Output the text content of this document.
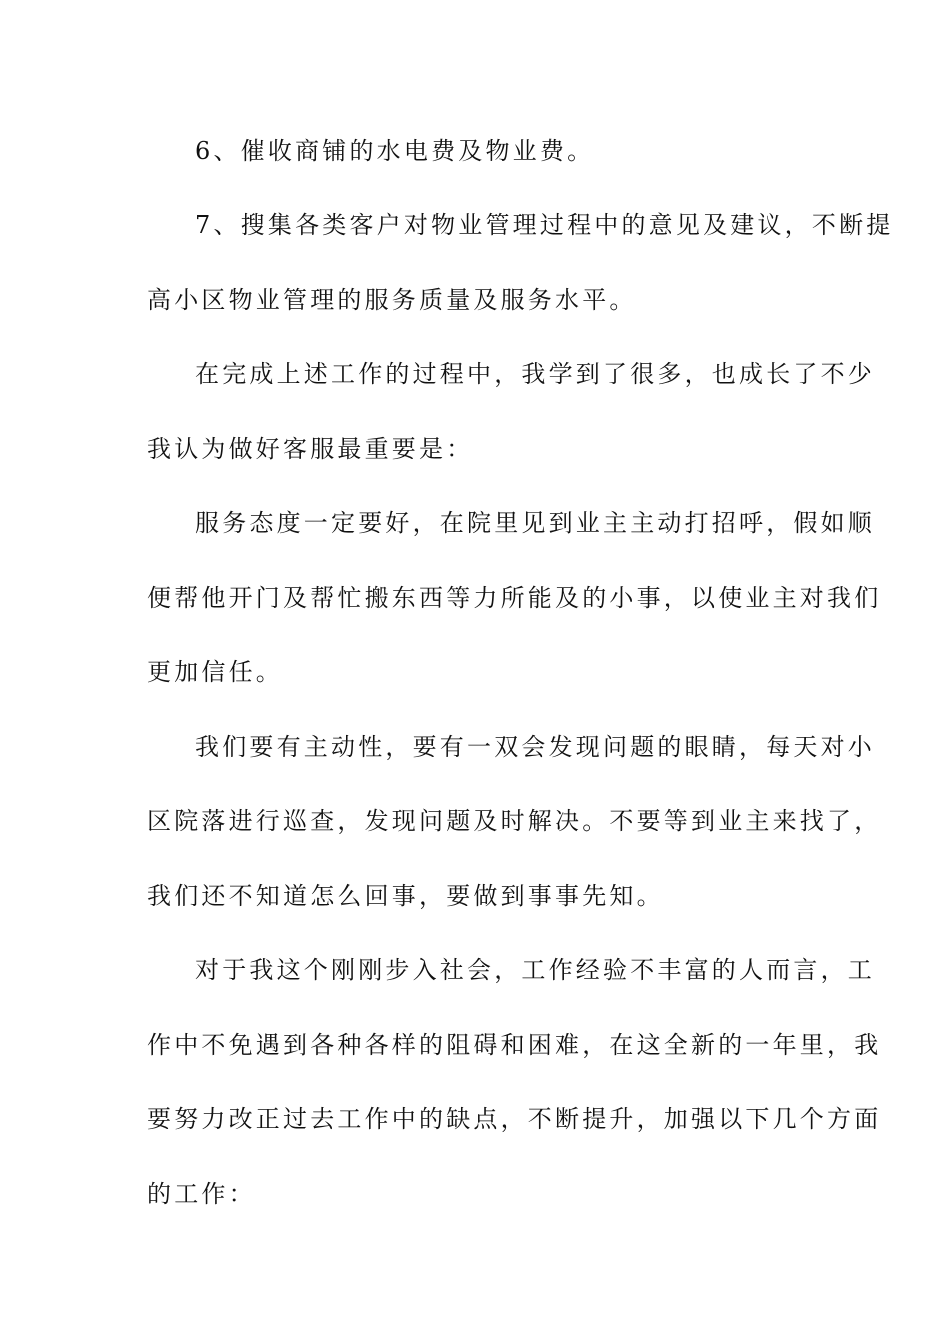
6、催收商铺的水电费及物业费。
7、搜集各类客户对物业管理过程中的意见及建议，不断提
高小区物业管理的服务质量及服务水平。
在完成上述工作的过程中，我学到了很多，也成长了不少
我认为做好客服最重要是：
服务态度一定要好，在院里见到业主主动打招呼，假如顺
便帮他开门及帮忙搬东西等力所能及的小事，以使业主对我们
更加信任。
我们要有主动性，要有一双会发现问题的眼睛，每天对小
区院落进行巡查，发现问题及时解决。不要等到业主来找了，
我们还不知道怎么回事，要做到事事先知。
对于我这个刚刚步入社会，工作经验不丰富的人而言，工
作中不免遇到各种各样的阻碍和困难，在这全新的一年里，我
要努力改正过去工作中的缺点，不断提升，加强以下几个方面
的工作：
